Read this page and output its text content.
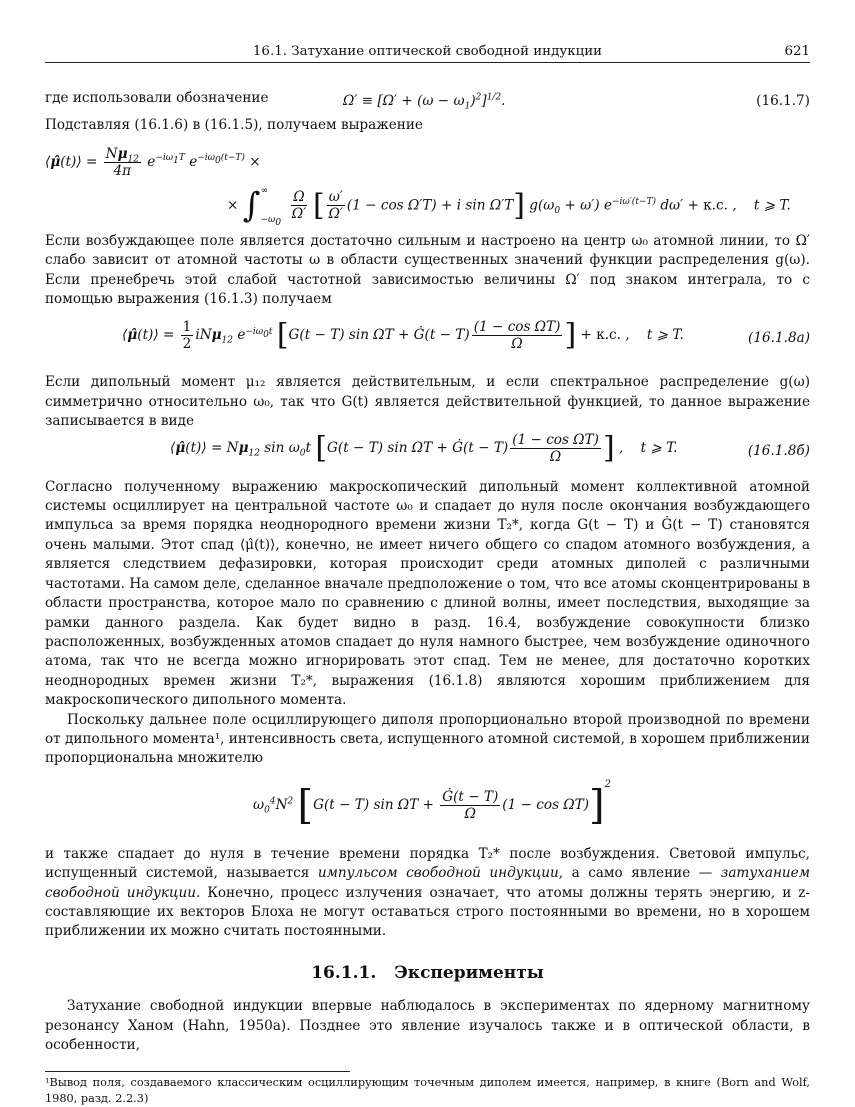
16.1. Затухание оптической свободной индукции	621

где использовали обозначение	$\Omega' \equiv [\Omega' + (\omega - \omega_1)^2]^{1/2}$.	(16.1.7)

Подставляя (16.1.6) в (16.1.5), получаем выражение

⟨μ̂(t)⟩ = $\frac{N\mu_{12}}{4\pi} e^{-i\omega_1T}$ $e^{-i\omega_0(t-T)}$ ×
× ∫∞
$_{-\omega_0}$
$\frac{\Omega}{\Omega'}$ [ $\frac{\omega'}{\Omega'} (1 - \cos \Omega'T) + i$ sin Ω′T] $g(\omega_0 + \omega')$ $e^{-i\omega'(t-T)}$ dω′ + к.с. ,    t ⩾ T.

Если возбуждающее поле является достаточно сильным и настроено на центр ω₀ атомной линии, то Ω′ слабо зависит от атомной частоты ω в области существенных значений функции распределения g(ω). Если пренебречь этой слабой частотной зависимостью величины Ω′ под знаком интеграла, то с помощью выражения (16.1.3) получаем

⟨μ̂(t)⟩ = $\frac{1}{2} iN\mu_{12}$ $e^{-i\omega_0t}$ [G(t − T) sin ΩT + Ġ(t − $T) \frac{\text{(1 − cos ΩT)}}{\Omega}$ ] + к.с. ,    t ⩾ T.	(16.1.8а)

Если дипольный момент μ₁₂ является действительным, и если спектральное распределение g(ω) симметрично относительно ω₀, так что G(t) является действительной функцией, то данное выражение записывается в виде

⟨μ̂(t)⟩ = $N\mu_{12}$ $\sin \omega_0t$ [G(t − T) sin ΩT + Ġ(t − $T) \frac{\text{(1 − cos ΩT)}}{\Omega}$ ] ,    t ⩾ T.	(16.1.8б)

Согласно полученному выражению макроскопический дипольный момент коллективной атомной системы осциллирует на центральной частоте ω₀ и спадает до нуля после окончания возбуждающего импульса за время порядка неоднородного времени жизни T₂*, когда G(t − T) и Ġ(t − T) становятся очень малыми. Этот спад ⟨μ̂(t)⟩, конечно, не имеет ничего общего со спадом атомного возбуждения, а является следствием дефазировки, которая происходит среди атомных диполей с различными частотами. На самом деле, сделанное вначале предположение о том, что все атомы сконцентрированы в области пространства, которое мало по сравнению с длиной волны, имеет последствия, выходящие за рамки данного раздела. Как будет видно в разд. 16.4, возбуждение совокупности близко расположенных, возбужденных атомов спадает до нуля намного быстрее, чем возбуждение одиночного атома, так что не всегда можно игнорировать этот спад. Тем не менее, для достаточно коротких неоднородных времен жизни T₂*, выражения (16.1.8) являются хорошим приближением для макроскопического дипольного момента.

Поскольку дальнее поле осциллирующего диполя пропорционально второй производной по времени от дипольного момента¹, интенсивность света, испущенного атомной системой, в хорошем приближении пропорциональна множителю

$\omega_0^4N^2$ [G(t − T) $\sin \Omega T + \frac{Ġ(t - T)}{\Omega} (1 - \cos \Omega T)]^2$

и также спадает до нуля в течение времени порядка T₂* после возбуждения. Световой импульс, испущенный системой, называется импульсом свободной индукции, а само явление — затуханием свободной индукции. Конечно, процесс излучения означает, что атомы должны терять энергию, и z- составляющие их векторов Блоха не могут оставаться строго постоянными во времени, но в хорошем приближении их можно считать постоянными.

16.1.1. Эксперименты

Затухание свободной индукции впервые наблюдалось в экспериментах по ядерному магнитному резонансу Ханом (Hahn, 1950a). Позднее это явление изучалось также и в оптической области, в особенности,

¹Вывод поля, создаваемого классическим осциллирующим точечным диполем имеется, например, в книге (Born and Wolf, 1980, разд. 2.2.3)
